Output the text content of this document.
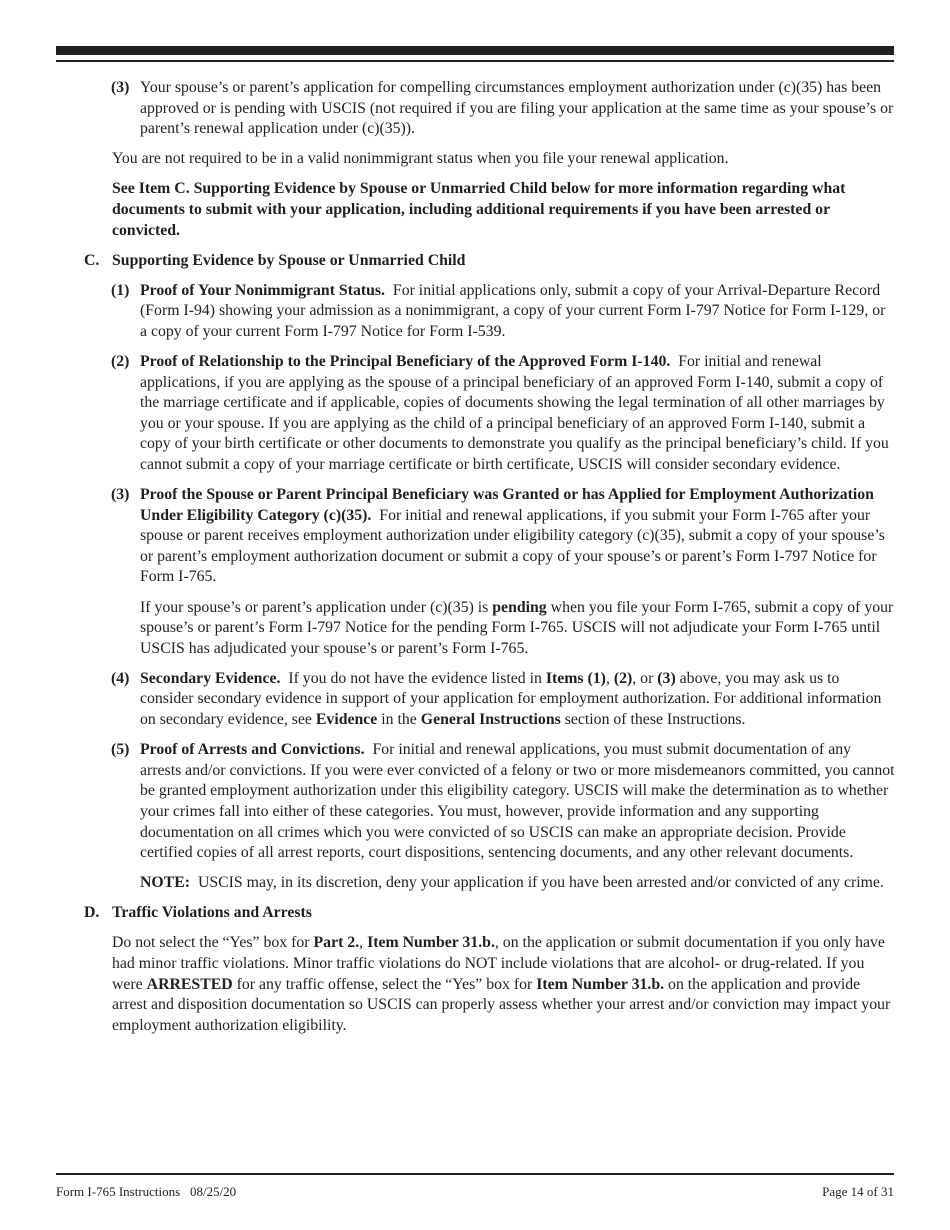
(3) Your spouse’s or parent’s application for compelling circumstances employment authorization under (c)(35) has been approved or is pending with USCIS (not required if you are filing your application at the same time as your spouse’s or parent’s renewal application under (c)(35)).

You are not required to be in a valid nonimmigrant status when you file your renewal application.

See Item C. Supporting Evidence by Spouse or Unmarried Child below for more information regarding what documents to submit with your application, including additional requirements if you have been arrested or convicted.

C. Supporting Evidence by Spouse or Unmarried Child

(1) Proof of Your Nonimmigrant Status. For initial applications only, submit a copy of your Arrival-Departure Record (Form I-94) showing your admission as a nonimmigrant, a copy of your current Form I-797 Notice for Form I-129, or a copy of your current Form I-797 Notice for Form I-539.

(2) Proof of Relationship to the Principal Beneficiary of the Approved Form I-140. For initial and renewal applications, if you are applying as the spouse of a principal beneficiary of an approved Form I-140, submit a copy of the marriage certificate and if applicable, copies of documents showing the legal termination of all other marriages by you or your spouse. If you are applying as the child of a principal beneficiary of an approved Form I-140, submit a copy of your birth certificate or other documents to demonstrate you qualify as the principal beneficiary’s child. If you cannot submit a copy of your marriage certificate or birth certificate, USCIS will consider secondary evidence.

(3) Proof the Spouse or Parent Principal Beneficiary was Granted or has Applied for Employment Authorization Under Eligibility Category (c)(35). For initial and renewal applications, if you submit your Form I-765 after your spouse or parent receives employment authorization under eligibility category (c)(35), submit a copy of your spouse’s or parent’s employment authorization document or submit a copy of your spouse’s or parent’s Form I-797 Notice for Form I-765.

If your spouse’s or parent’s application under (c)(35) is pending when you file your Form I-765, submit a copy of your spouse’s or parent’s Form I-797 Notice for the pending Form I-765. USCIS will not adjudicate your Form I-765 until USCIS has adjudicated your spouse’s or parent’s Form I-765.

(4) Secondary Evidence. If you do not have the evidence listed in Items (1), (2), or (3) above, you may ask us to consider secondary evidence in support of your application for employment authorization. For additional information on secondary evidence, see Evidence in the General Instructions section of these Instructions.

(5) Proof of Arrests and Convictions. For initial and renewal applications, you must submit documentation of any arrests and/or convictions. If you were ever convicted of a felony or two or more misdemeanors committed, you cannot be granted employment authorization under this eligibility category. USCIS will make the determination as to whether your crimes fall into either of these categories. You must, however, provide information and any supporting documentation on all crimes which you were convicted of so USCIS can make an appropriate decision. Provide certified copies of all arrest reports, court dispositions, sentencing documents, and any other relevant documents.

NOTE: USCIS may, in its discretion, deny your application if you have been arrested and/or convicted of any crime.

D. Traffic Violations and Arrests

Do not select the “Yes” box for Part 2., Item Number 31.b., on the application or submit documentation if you only have had minor traffic violations. Minor traffic violations do NOT include violations that are alcohol- or drug-related. If you were ARRESTED for any traffic offense, select the “Yes” box for Item Number 31.b. on the application and provide arrest and disposition documentation so USCIS can properly assess whether your arrest and/or conviction may impact your employment authorization eligibility.

Form I-765 Instructions   08/25/20	Page 14 of 31
